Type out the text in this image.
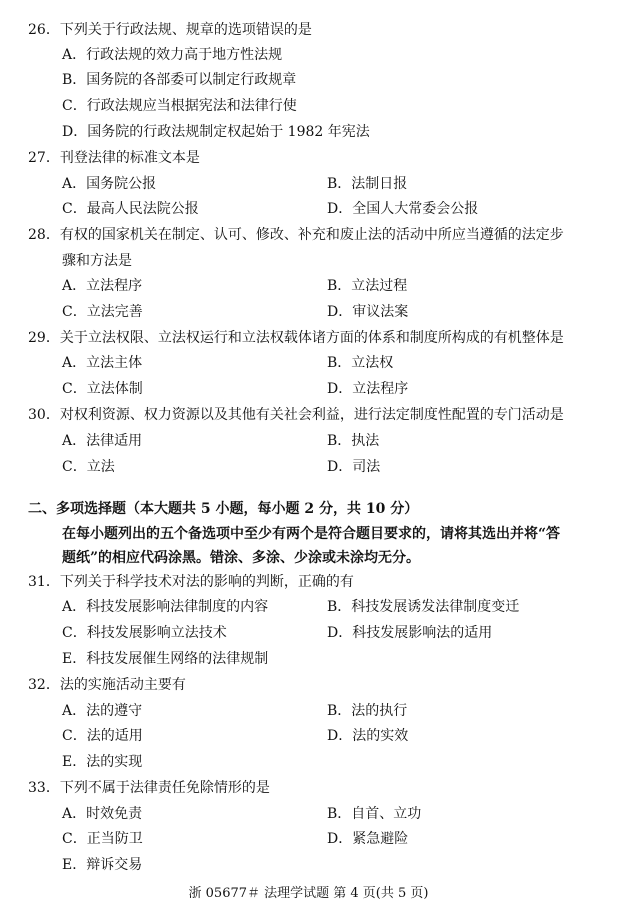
26．下列关于行政法规、规章的选项错误的是
A．行政法规的效力高于地方性法规
B．国务院的各部委可以制定行政规章
C．行政法规应当根据宪法和法律行使
D．国务院的行政法规制定权起始于 1982 年宪法
27．刊登法律的标准文本是
A．国务院公报	B．法制日报
C．最高人民法院公报	D．全国人大常委会公报
28．有权的国家机关在制定、认可、修改、补充和废止法的活动中所应当遵循的法定步
骤和方法是
A．立法程序	B．立法过程
C．立法完善	D．审议法案
29．关于立法权限、立法权运行和立法权载体诸方面的体系和制度所构成的有机整体是
A．立法主体	B．立法权
C．立法体制	D．立法程序
30．对权利资源、权力资源以及其他有关社会利益，进行法定制度性配置的专门活动是
A．法律适用	B．执法
C．立法	D．司法
二、多项选择题（本大题共 5 小题，每小题 2 分，共 10 分）
在每小题列出的五个备选项中至少有两个是符合题目要求的，请将其选出并将“答
题纸”的相应代码涂黑。错涂、多涂、少涂或未涂均无分。
31．下列关于科学技术对法的影响的判断，正确的有
A．科技发展影响法律制度的内容	B．科技发展诱发法律制度变迁
C．科技发展影响立法技术	D．科技发展影响法的适用
E．科技发展催生网络的法律规制
32．法的实施活动主要有
A．法的遵守	B．法的执行
C．法的适用	D．法的实效
E．法的实现
33．下列不属于法律责任免除情形的是
A．时效免责	B．自首、立功
C．正当防卫	D．紧急避险
E．辩诉交易
浙 05677＃ 法理学试题 第 4 页(共 5 页)
